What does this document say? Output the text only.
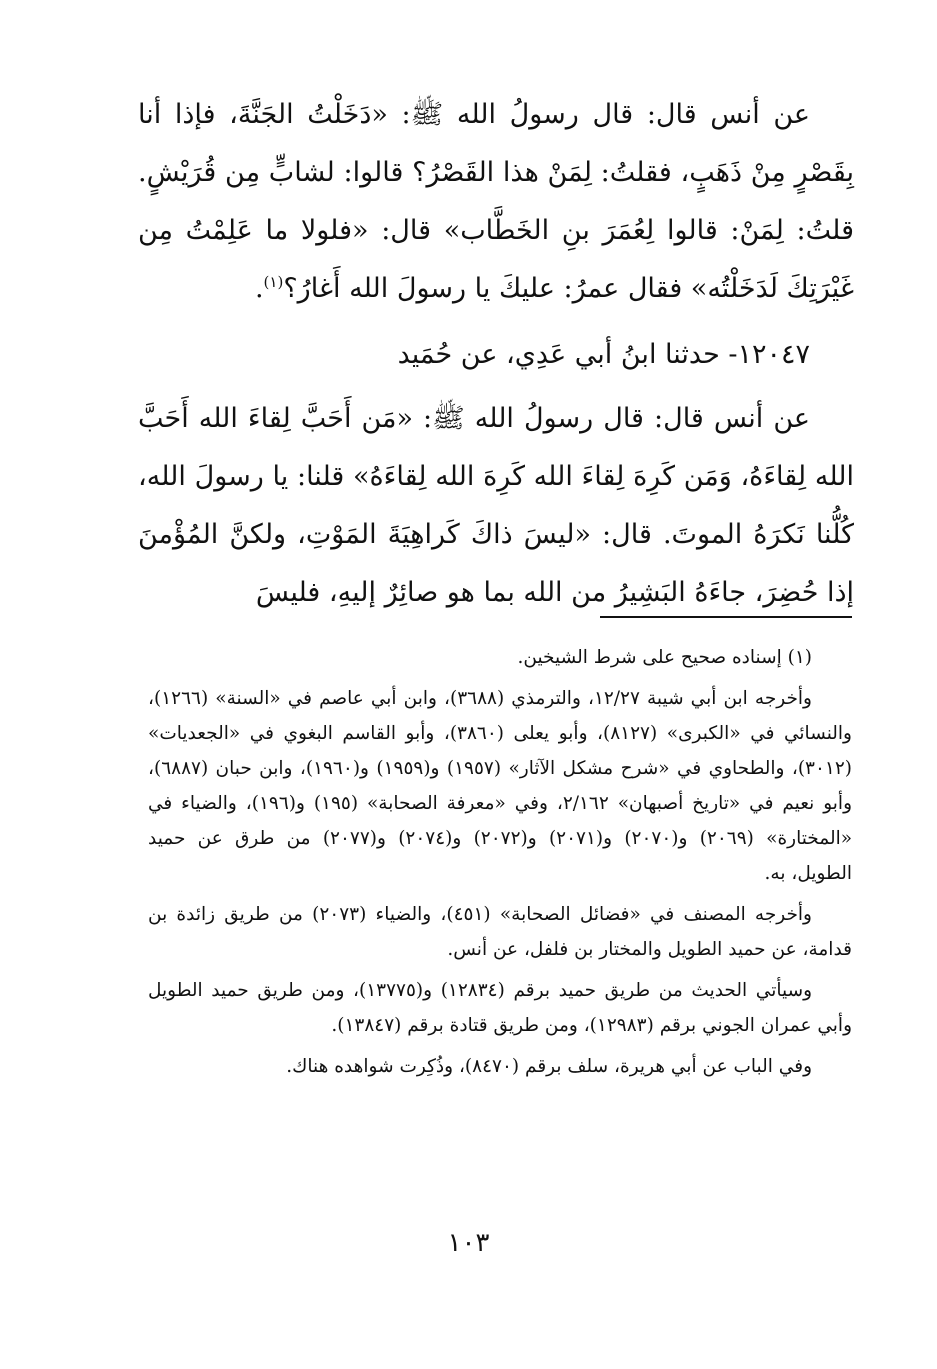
عن أنس قال: قال رسولُ الله ﷺ: «دَخَلْتُ الجَنَّةَ، فإذا أنا بِقَصْرٍ مِنْ ذَهَبٍ، فقلتُ: لِمَنْ هذا القَصْرُ؟ قالوا: لشابٍّ مِن قُرَيْشٍ. قلتُ: لِمَنْ: قالوا لِعُمَرَ بنِ الخَطَّاب» قال: «فلولا ما عَلِمْتُ مِن غَيْرَتِكَ لَدَخَلْتُه» فقال عمرُ: عليكَ يا رسولَ الله أَغارُ؟$^{(١)}$.

١٢٠٤٧- حدثنا ابنُ أبي عَدِي، عن حُمَيد

عن أنس قال: قال رسولُ الله ﷺ: «مَن أَحَبَّ لِقاءَ الله أَحَبَّ الله لِقاءَهُ، وَمَن كَرِهَ لِقاءَ الله كَرِهَ الله لِقاءَهُ» قلنا: يا رسولَ الله، كُلُّنا نَكرَهُ الموتَ. قال: «ليسَ ذاكَ كَراهِيَةَ المَوْتِ، ولكنَّ المُؤْمنَ إذا حُضِرَ، جاءَهُ البَشِيرُ من الله بما هو صائِرٌ إليهِ، فليسَ

(١) إسناده صحيح على شرط الشيخين.

وأخرجه ابن أبي شيبة ١٢/٢٧، والترمذي (٣٦٨٨)، وابن أبي عاصم في «السنة» (١٢٦٦)، والنسائي في «الكبرى» (٨١٢٧)، وأبو يعلى (٣٨٦٠)، وأبو القاسم البغوي في «الجعديات» (٣٠١٢)، والطحاوي في «شرح مشكل الآثار» (١٩٥٧) و(١٩٥٩) و(١٩٦٠)، وابن حبان (٦٨٨٧)، وأبو نعيم في «تاريخ أصبهان» ٢/١٦٢، وفي «معرفة الصحابة» (١٩٥) و(١٩٦)، والضياء في «المختارة» (٢٠٦٩) و(٢٠٧٠) و(٢٠٧١) و(٢٠٧٢) و(٢٠٧٤) و(٢٠٧٧) من طرق عن حميد الطويل، به.

وأخرجه المصنف في «فضائل الصحابة» (٤٥١)، والضياء (٢٠٧٣) من طريق زائدة بن قدامة، عن حميد الطويل والمختار بن فلفل، عن أنس.

وسيأتي الحديث من طريق حميد برقم (١٢٨٣٤) و(١٣٧٧٥)، ومن طريق حميد الطويل وأبي عمران الجوني برقم (١٢٩٨٣)، ومن طريق قتادة برقم (١٣٨٤٧).

وفي الباب عن أبي هريرة، سلف برقم (٨٤٧٠)، وذُكِرت شواهده هناك.

١٠٣
